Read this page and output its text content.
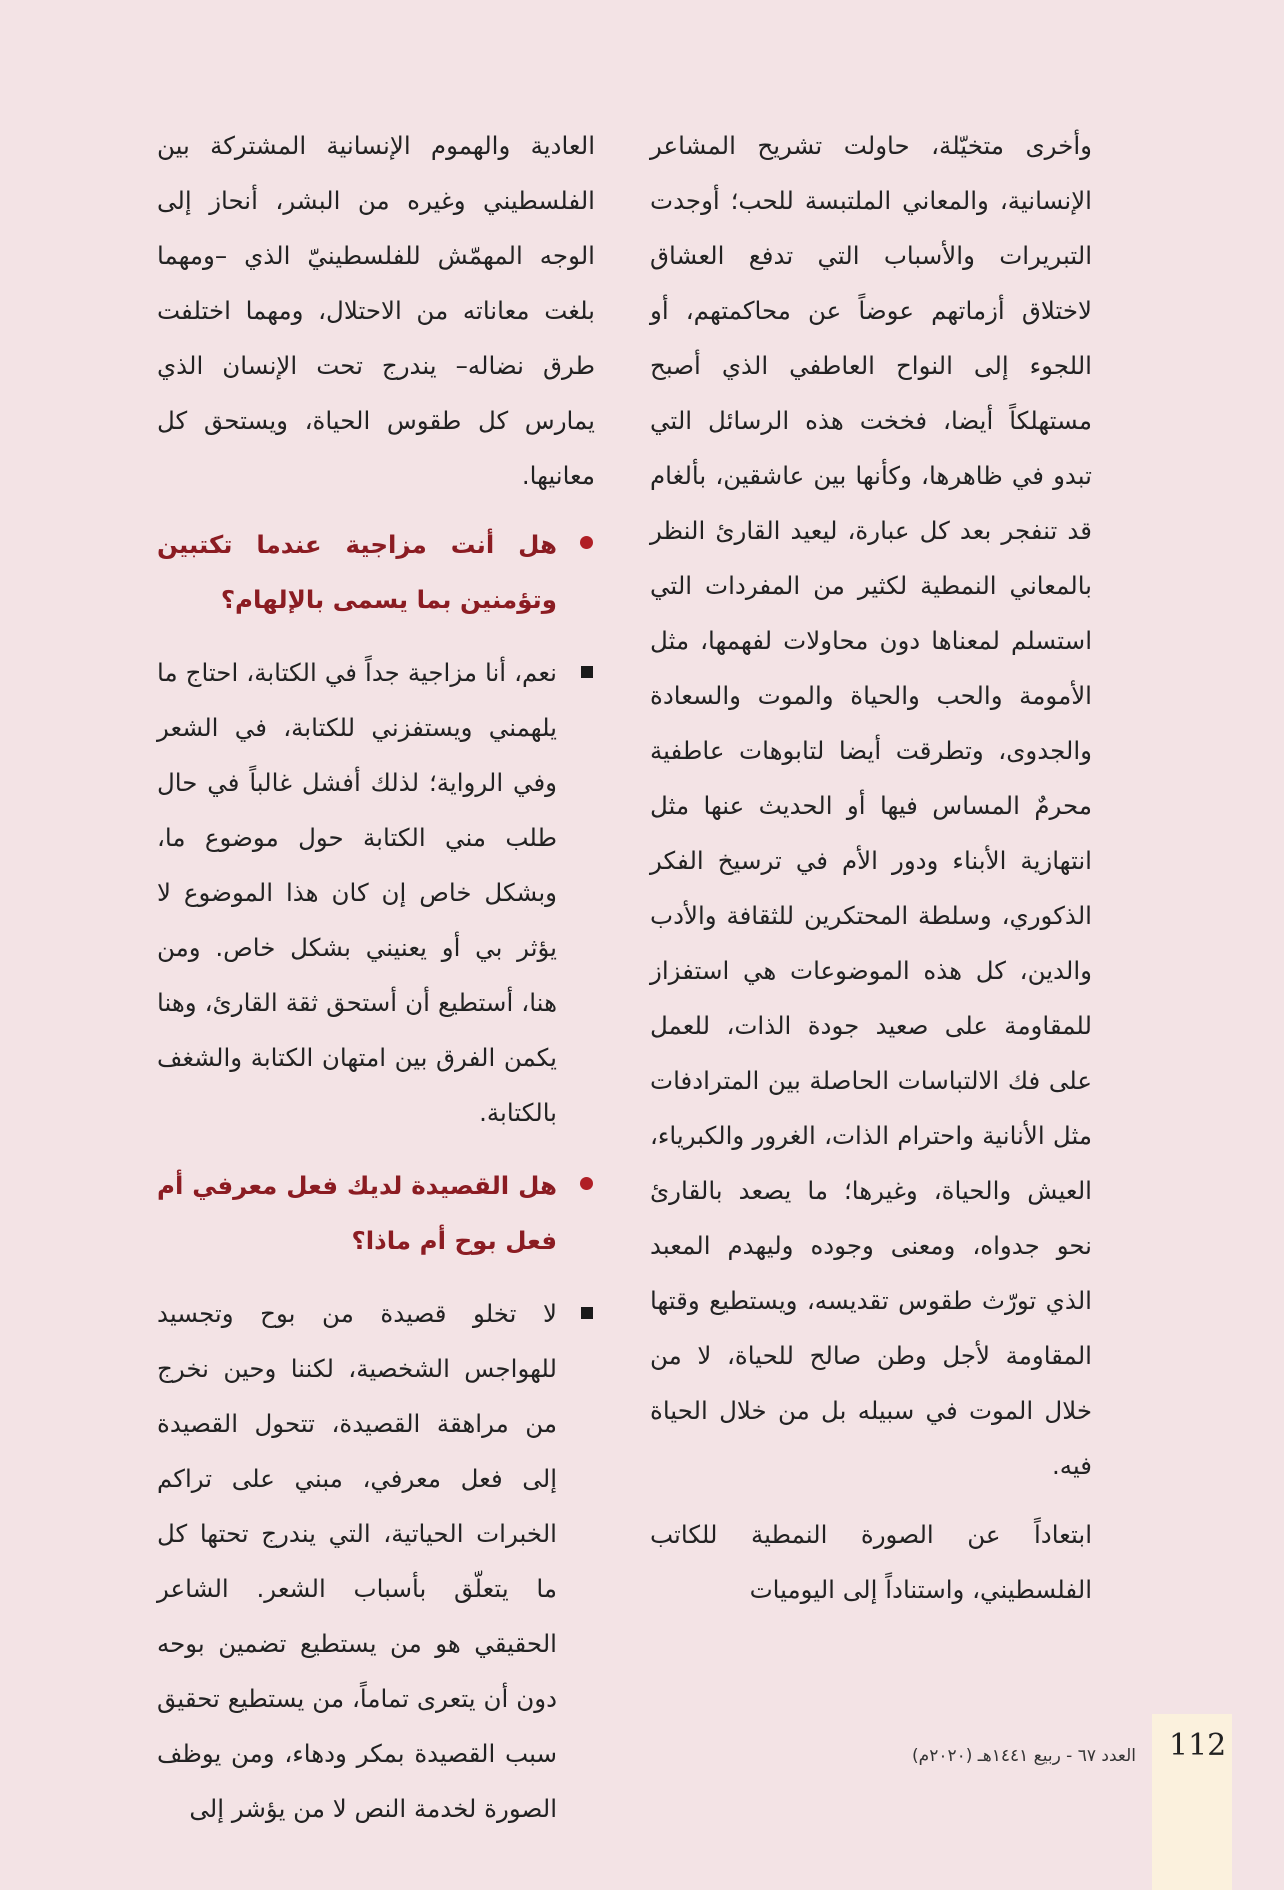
وأخرى متخيّلة، حاولت تشريح المشاعر الإنسانية، والمعاني الملتبسة للحب؛ أوجدت التبريرات والأسباب التي تدفع العشاق لاختلاق أزماتهم عوضاً عن محاكمتهم، أو اللجوء إلى النواح العاطفي الذي أصبح مستهلكاً أيضا، فخخت هذه الرسائل التي تبدو في ظاهرها، وكأنها بين عاشقين، بألغام قد تنفجر بعد كل عبارة، ليعيد القارئ النظر بالمعاني النمطية لكثير من المفردات التي استسلم لمعناها دون محاولات لفهمها، مثل الأمومة والحب والحياة والموت والسعادة والجدوى، وتطرقت أيضا لتابوهات عاطفية محرمٌ المساس فيها أو الحديث عنها مثل انتهازية الأبناء ودور الأم في ترسيخ الفكر الذكوري، وسلطة المحتكرين للثقافة والأدب والدين، كل هذه الموضوعات هي استفزاز للمقاومة على صعيد جودة الذات، للعمل على فك الالتباسات الحاصلة بين المترادفات مثل الأنانية واحترام الذات، الغرور والكبرياء، العيش والحياة، وغيرها؛ ما يصعد بالقارئ نحو جدواه، ومعنى وجوده وليهدم المعبد الذي تورّث طقوس تقديسه، ويستطيع وقتها المقاومة لأجل وطن صالح للحياة، لا من خلال الموت في سبيله بل من خلال الحياة فيه.

ابتعاداً عن الصورة النمطية للكاتب الفلسطيني، واستناداً إلى اليوميات

العادية والهموم الإنسانية المشتركة بين الفلسطيني وغيره من البشر، أنحاز إلى الوجه المهمّش للفلسطينيّ الذي –ومهما بلغت معاناته من الاحتلال، ومهما اختلفت طرق نضاله– يندرج تحت الإنسان الذي يمارس كل طقوس الحياة، ويستحق كل معانيها.

هل أنت مزاجية عندما تكتبين وتؤمنين بما يسمى بالإلهام؟
نعم، أنا مزاجية جداً في الكتابة، احتاج ما يلهمني ويستفزني للكتابة، في الشعر وفي الرواية؛ لذلك أفشل غالباً في حال طلب مني الكتابة حول موضوع ما، وبشكل خاص إن كان هذا الموضوع لا يؤثر بي أو يعنيني بشكل خاص. ومن هنا، أستطيع أن أستحق ثقة القارئ، وهنا يكمن الفرق بين امتهان الكتابة والشغف بالكتابة.
هل القصيدة لديك فعل معرفي أم فعل بوح أم ماذا؟
لا تخلو قصيدة من بوح وتجسيد للهواجس الشخصية، لكننا وحين نخرج من مراهقة القصيدة، تتحول القصيدة إلى فعل معرفي، مبني على تراكم الخبرات الحياتية، التي يندرج تحتها كل ما يتعلّق بأسباب الشعر. الشاعر الحقيقي هو من يستطيع تضمين بوحه دون أن يتعرى تماماً، من يستطيع تحقيق سبب القصيدة بمكر ودهاء، ومن يوظف الصورة لخدمة النص لا من يؤشر إلى
العدد ٦٧ - ربيع ١٤٤١هـ (٢٠٢٠م) 112
